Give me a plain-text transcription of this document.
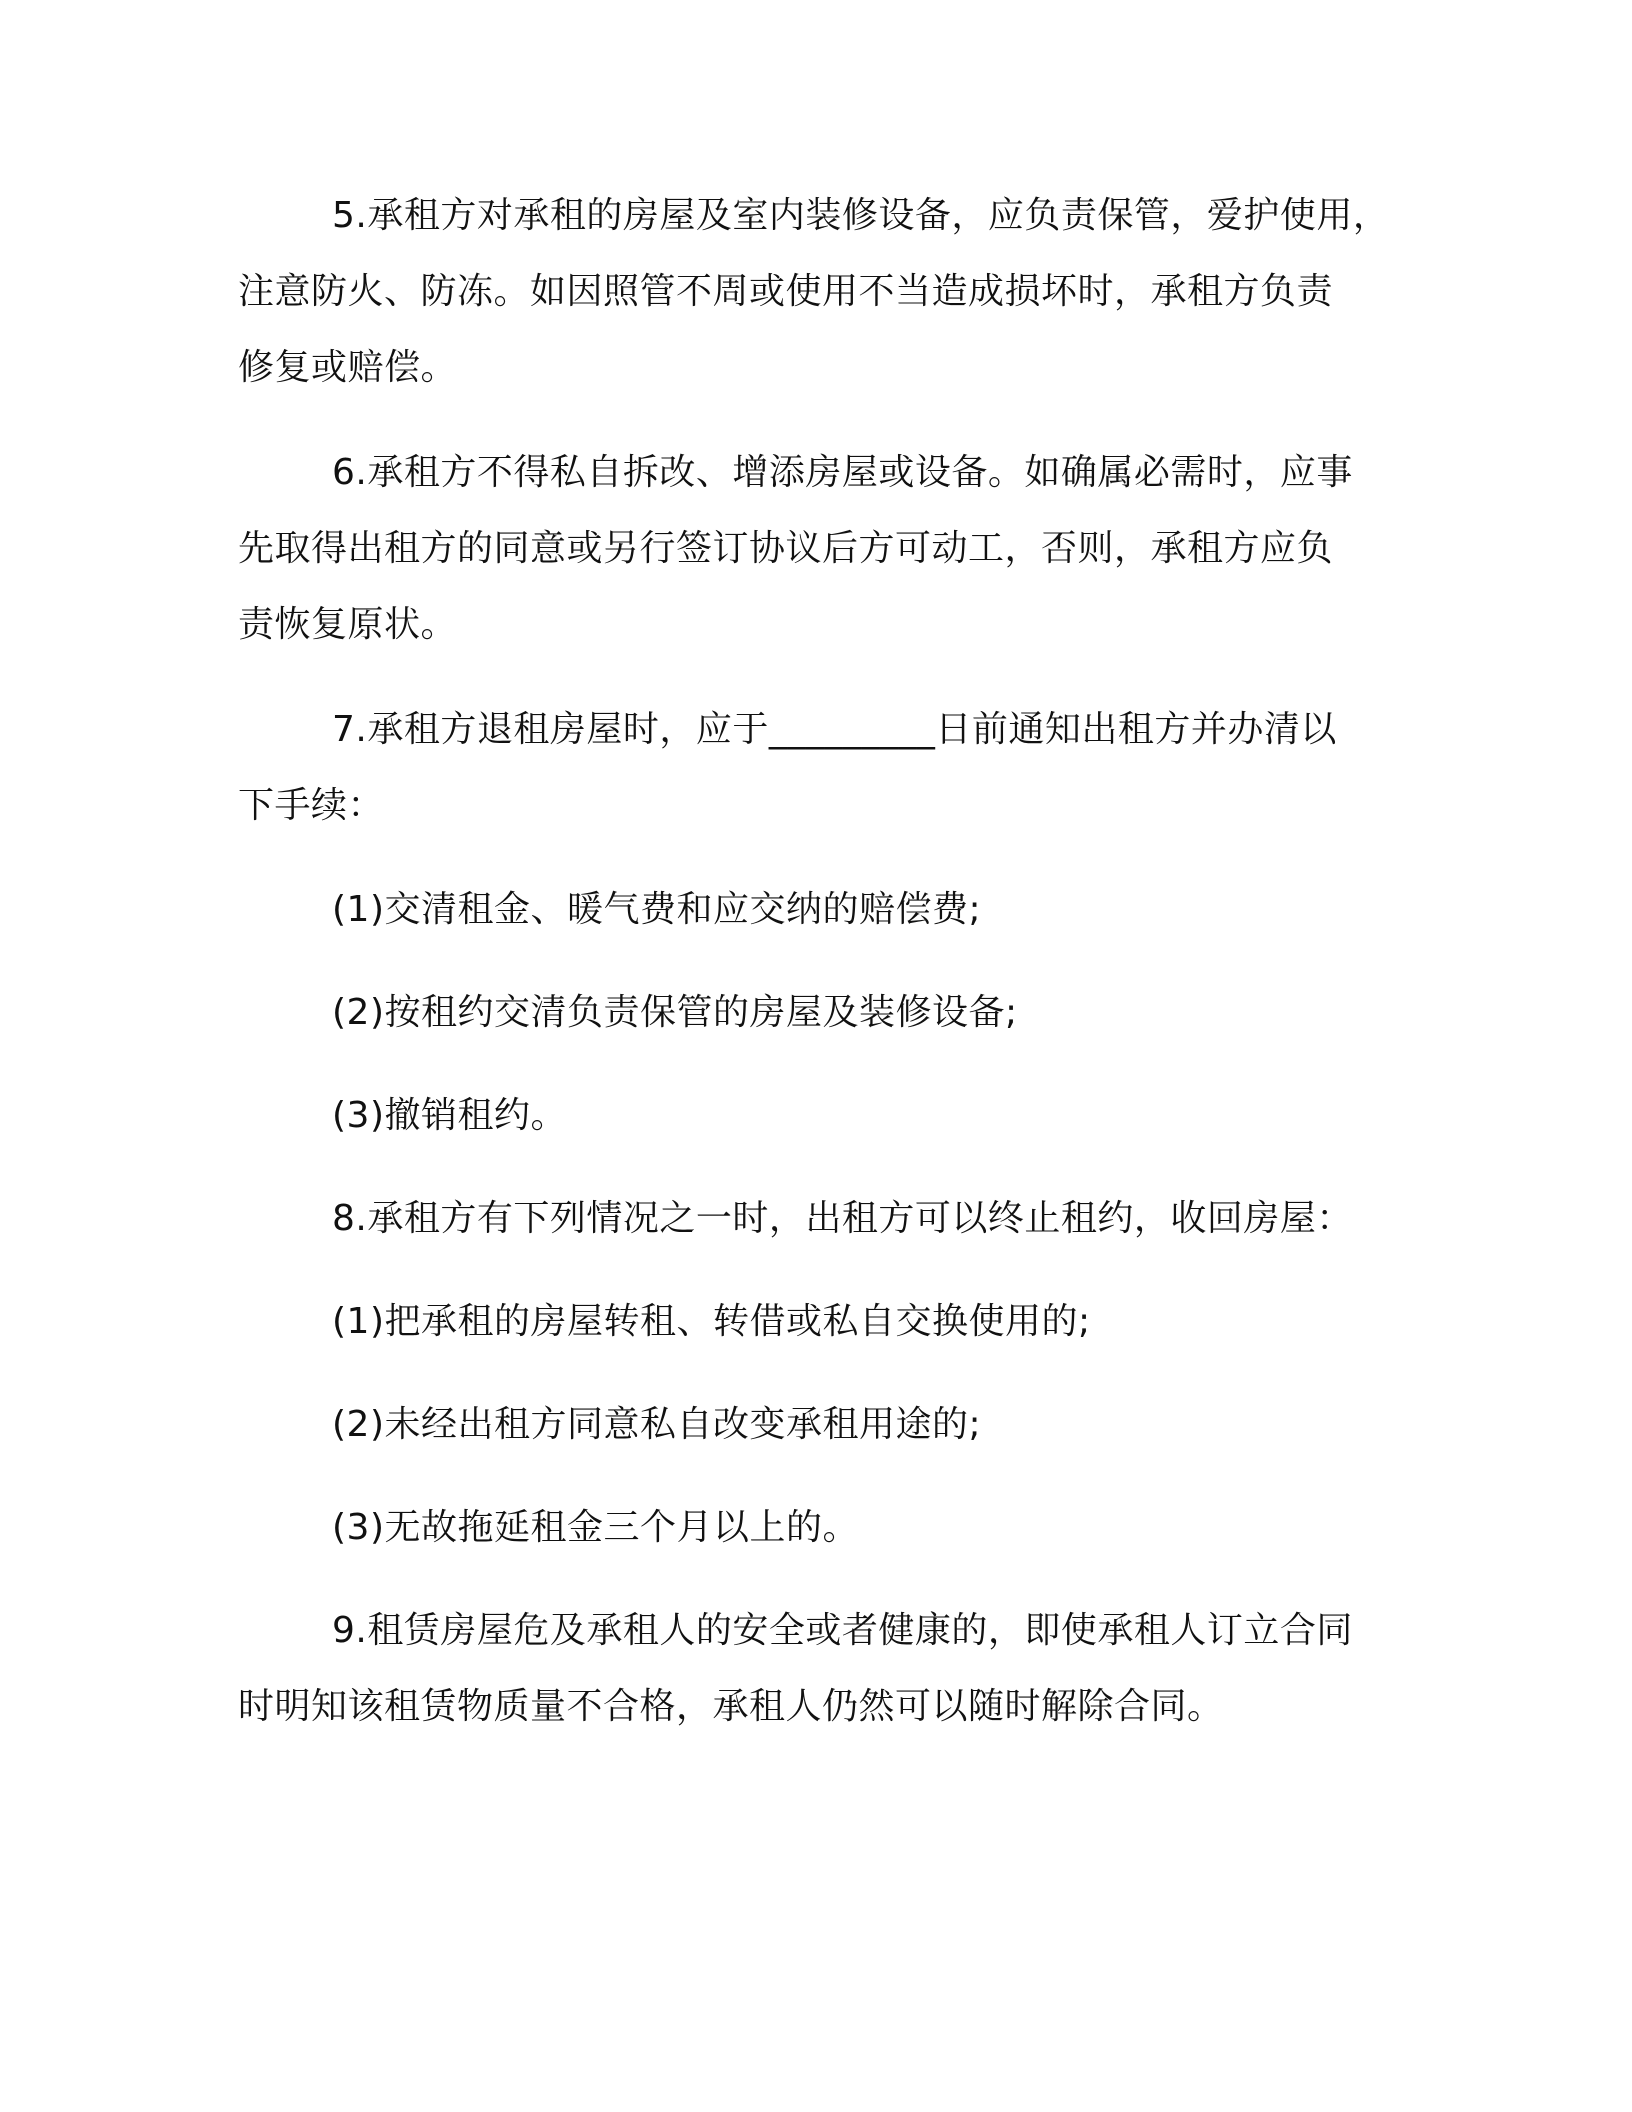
5.承租方对承租的房屋及室内装修设备，应负责保管，爱护使用，
注意防火、防冻。如因照管不周或使用不当造成损坏时，承租方负责
修复或赔偿。
6.承租方不得私自拆改、增添房屋或设备。如确属必需时，应事
先取得出租方的同意或另行签订协议后方可动工，否则，承租方应负
责恢复原状。
7.承租方退租房屋时，应于_________日前通知出租方并办清以
下手续：
(1)交清租金、暖气费和应交纳的赔偿费;
(2)按租约交清负责保管的房屋及装修设备;
(3)撤销租约。
8.承租方有下列情况之一时，出租方可以终止租约，收回房屋：
(1)把承租的房屋转租、转借或私自交换使用的;
(2)未经出租方同意私自改变承租用途的;
(3)无故拖延租金三个月以上的。
9.租赁房屋危及承租人的安全或者健康的，即使承租人订立合同
时明知该租赁物质量不合格，承租人仍然可以随时解除合同。
